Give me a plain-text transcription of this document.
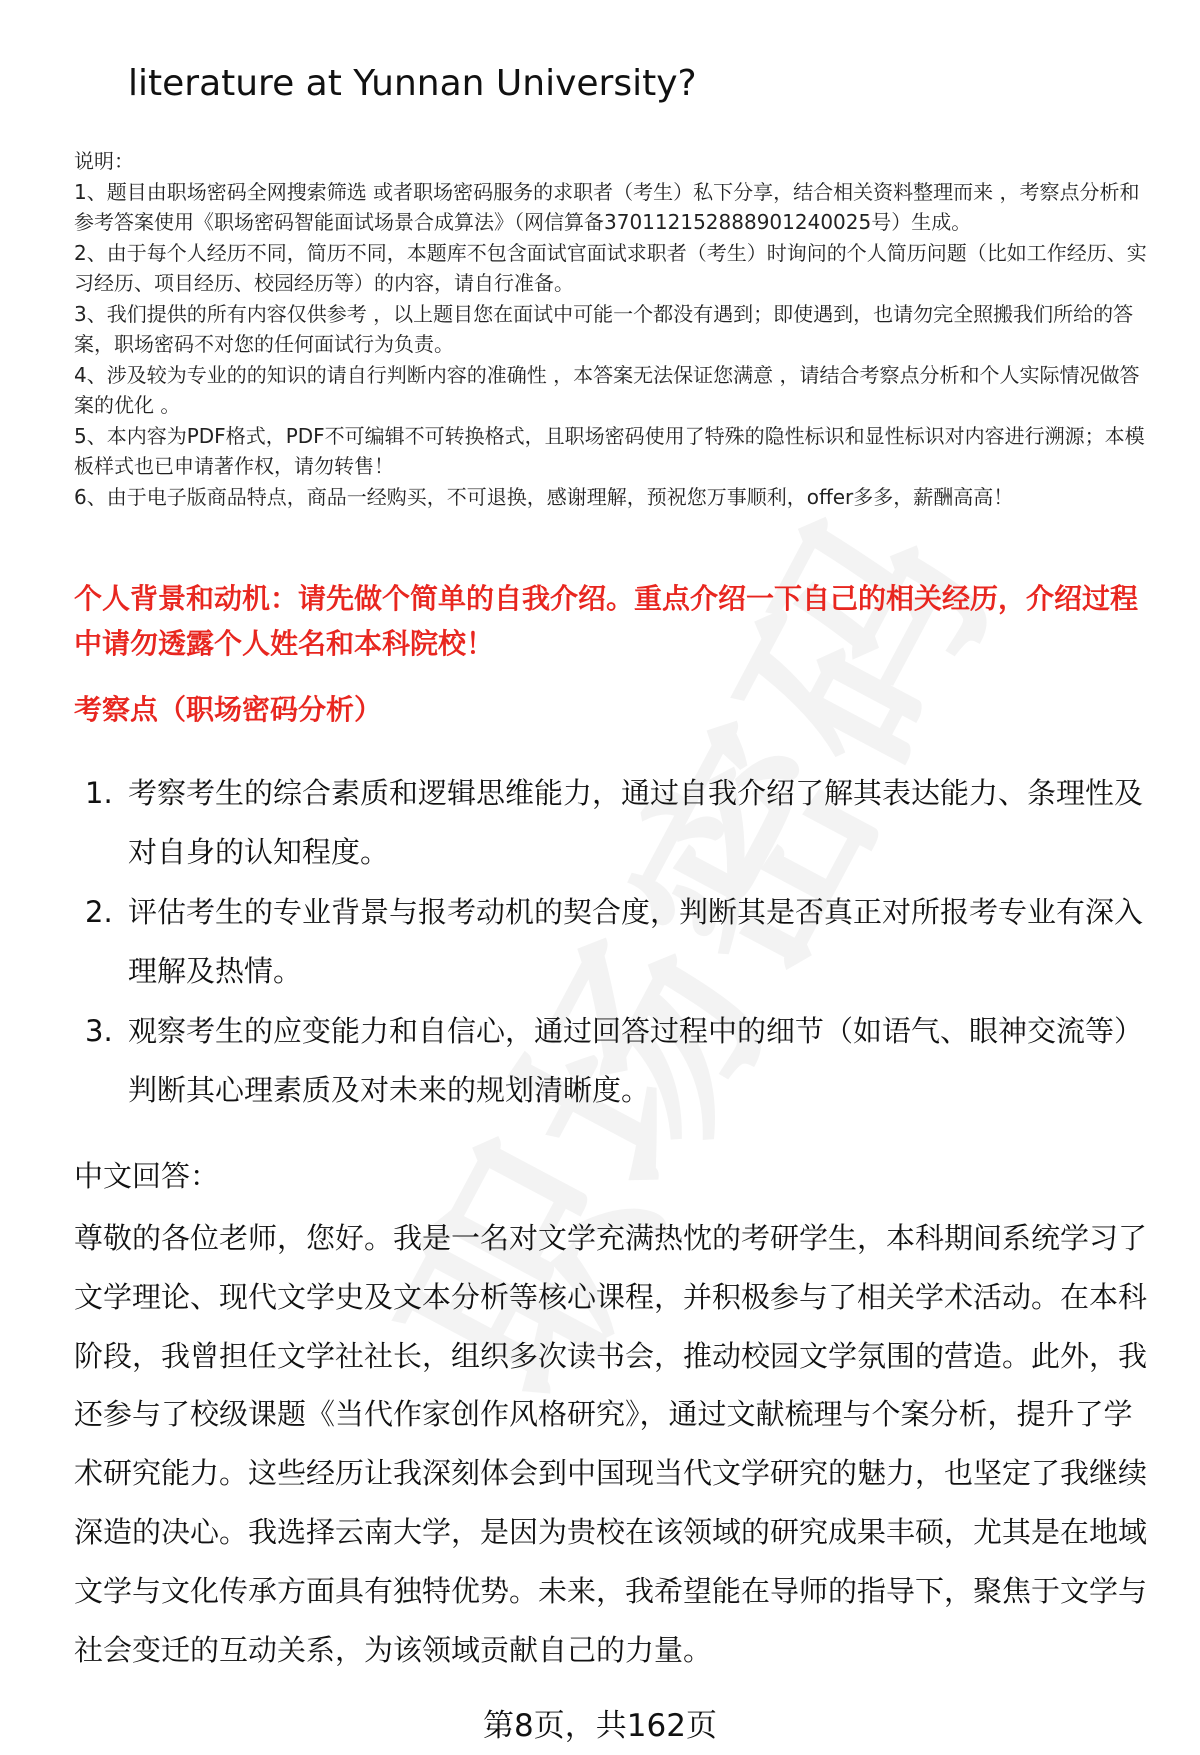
literature at Yunnan University?

说明：

1、题目由职场密码全网搜索筛选 或者职场密码服务的求职者（考生）私下分享，结合相关资料整理而来 ，考察点分析和参考答案使用《职场密码智能面试场景合成算法》（网信算备370112152888901240025号）生成。

2、由于每个人经历不同，简历不同，本题库不包含面试官面试求职者（考生）时询问的个人简历问题（比如工作经历、实习经历、项目经历、校园经历等）的内容，请自行准备。

3、我们提供的所有内容仅供参考 ，以上题目您在面试中可能一个都没有遇到；即使遇到，也请勿完全照搬我们所给的答案，职场密码不对您的任何面试行为负责。

4、涉及较为专业的的知识的请自行判断内容的准确性 ，本答案无法保证您满意 ，请结合考察点分析和个人实际情况做答案的优化 。

5、本内容为PDF格式，PDF不可编辑不可转换格式，且职场密码使用了特殊的隐性标识和显性标识对内容进行溯源；本模板样式也已申请著作权，请勿转售！

6、由于电子版商品特点，商品一经购买，不可退换，感谢理解，预祝您万事顺利，offer多多，薪酬高高！

个人背景和动机：请先做个简单的自我介绍。重点介绍一下自己的相关经历，介绍过程中请勿透露个人姓名和本科院校！
考察点（职场密码分析）
1. 考察考生的综合素质和逻辑思维能力，通过自我介绍了解其表达能力、条理性及对自身的认知程度。
2. 评估考生的专业背景与报考动机的契合度，判断其是否真正对所报考专业有深入理解及热情。
3. 观察考生的应变能力和自信心，通过回答过程中的细节（如语气、眼神交流等）判断其心理素质及对未来的规划清晰度。
中文回答：

尊敬的各位老师，您好。我是一名对文学充满热忱的考研学生，本科期间系统学习了文学理论、现代文学史及文本分析等核心课程，并积极参与了相关学术活动。在本科阶段，我曾担任文学社社长，组织多次读书会，推动校园文学氛围的营造。此外，我还参与了校级课题《当代作家创作风格研究》，通过文献梳理与个案分析，提升了学术研究能力。这些经历让我深刻体会到中国现当代文学研究的魅力，也坚定了我继续深造的决心。我选择云南大学，是因为贵校在该领域的研究成果丰硕，尤其是在地域文学与文化传承方面具有独特优势。未来，我希望能在导师的指导下，聚焦于文学与社会变迁的互动关系，为该领域贡献自己的力量。

第8页，共162页
